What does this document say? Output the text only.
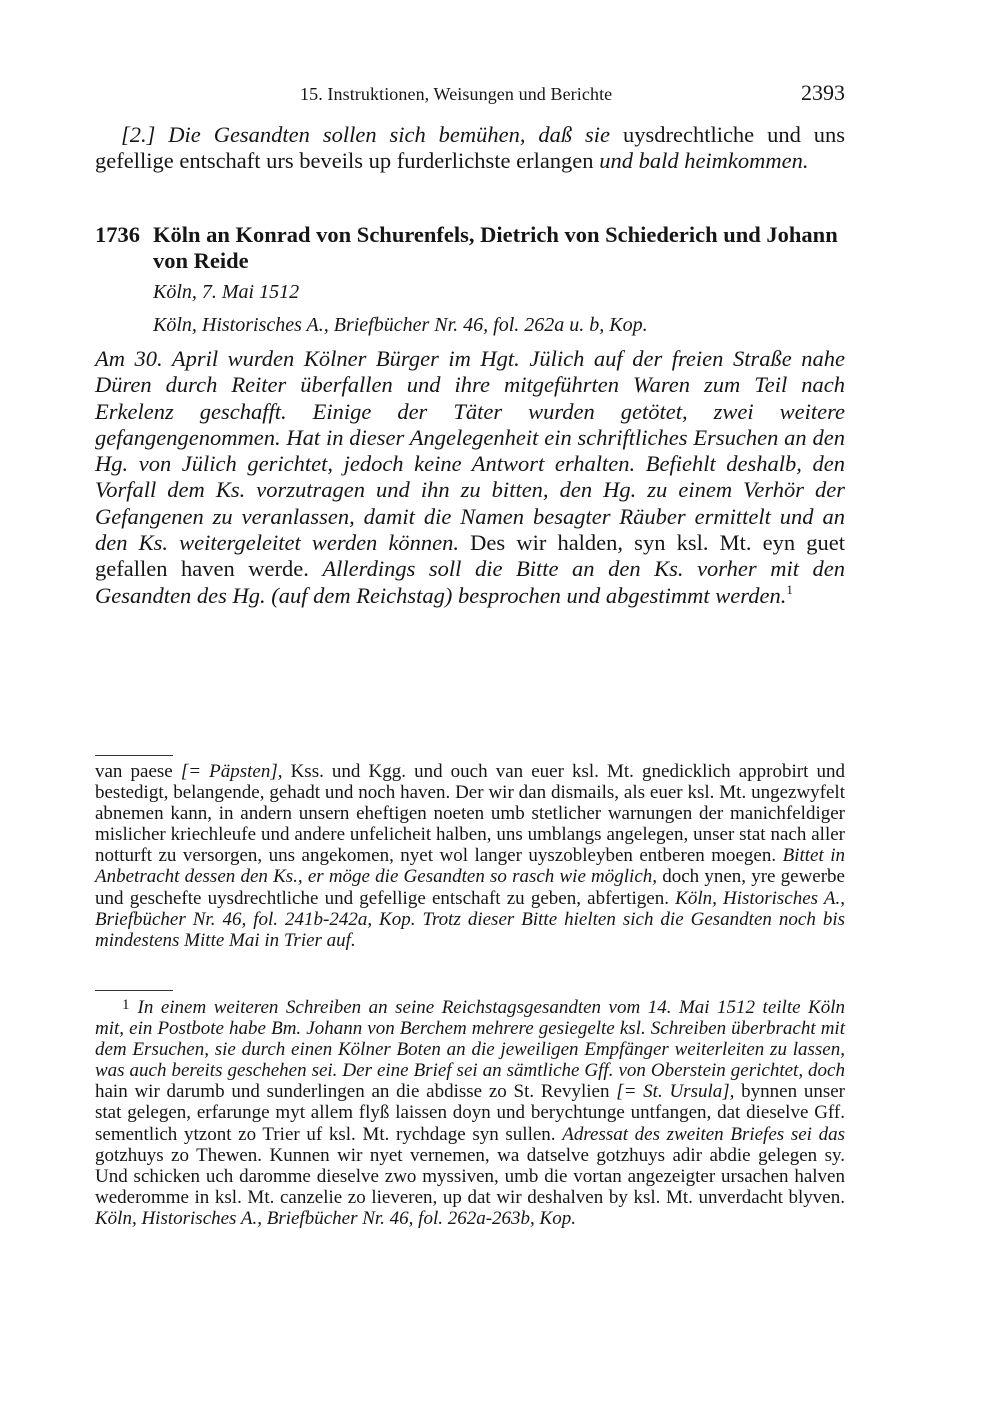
15. Instruktionen, Weisungen und Berichte	2393
[2.] Die Gesandten sollen sich bemühen, daß sie uysdrechtliche und uns gefellige entschaft urs beveils up furderlichste erlangen und bald heimkommen.
1736 Köln an Konrad von Schurenfels, Dietrich von Schiederich und Johann von Reide
Köln, 7. Mai 1512
Köln, Historisches A., Briefbücher Nr. 46, fol. 262a u. b, Kop.
Am 30. April wurden Kölner Bürger im Hgt. Jülich auf der freien Straße nahe Düren durch Reiter überfallen und ihre mitgeführten Waren zum Teil nach Erkelenz geschafft. Einige der Täter wurden getötet, zwei weitere gefangengenommen. Hat in dieser Angelegenheit ein schriftliches Ersuchen an den Hg. von Jülich gerichtet, jedoch keine Antwort erhalten. Befiehlt deshalb, den Vorfall dem Ks. vorzutragen und ihn zu bitten, den Hg. zu einem Verhör der Gefangenen zu veranlassen, damit die Namen besagter Räuber ermittelt und an den Ks. weitergeleitet werden können. Des wir halden, syn ksl. Mt. eyn guet gefallen haven werde. Allerdings soll die Bitte an den Ks. vorher mit den Gesandten des Hg. (auf dem Reichstag) besprochen und abgestimmt werden.$^1$
van paese [= Päpsten], Kss. und Kgg. und ouch van euer ksl. Mt. gnedicklich approbirt und bestedigt, belangende, gehadt und noch haven. Der wir dan dismails, als euer ksl. Mt. ungezwyfelt abnemen kann, in andern unsern eheftigen noeten umb stetlicher warnungen der manichfeldiger mislicher kriechleufe und andere unfelicheit halben, uns umblangs angelegen, unser stat nach aller notturft zu versorgen, uns angekomen, nyet wol langer uyszobleyben entberen moegen. Bittet in Anbetracht dessen den Ks., er möge die Gesandten so rasch wie möglich, doch ynen, yre gewerbe und geschefte uysdrechtliche und gefellige entschaft zu geben, abfertigen. Köln, Historisches A., Briefbücher Nr. 46, fol. 241b-242a, Kop. Trotz dieser Bitte hielten sich die Gesandten noch bis mindestens Mitte Mai in Trier auf.
1 In einem weiteren Schreiben an seine Reichstagsgesandten vom 14. Mai 1512 teilte Köln mit, ein Postbote habe Bm. Johann von Berchem mehrere gesiegelte ksl. Schreiben überbracht mit dem Ersuchen, sie durch einen Kölner Boten an die jeweiligen Empfänger weiterleiten zu lassen, was auch bereits geschehen sei. Der eine Brief sei an sämtliche Gff. von Oberstein gerichtet, doch hain wir darumb und sunderlingen an die abdisse zo St. Revylien [= St. Ursula], bynnen unser stat gelegen, erfarunge myt allem flyß laissen doyn und berychtunge untfangen, dat dieselve Gff. sementlich ytzont zo Trier uf ksl. Mt. rychdage syn sullen. Adressat des zweiten Briefes sei das gotzhuys zo Thewen. Kunnen wir nyet vernemen, wa datselve gotzhuys adir abdie gelegen sy. Und schicken uch daromme dieselve zwo myssiven, umb die vortan angezeigter ursachen halven wederomme in ksl. Mt. canzelie zo lieveren, up dat wir deshalven by ksl. Mt. unverdacht blyven. Köln, Historisches A., Briefbücher Nr. 46, fol. 262a-263b, Kop.
